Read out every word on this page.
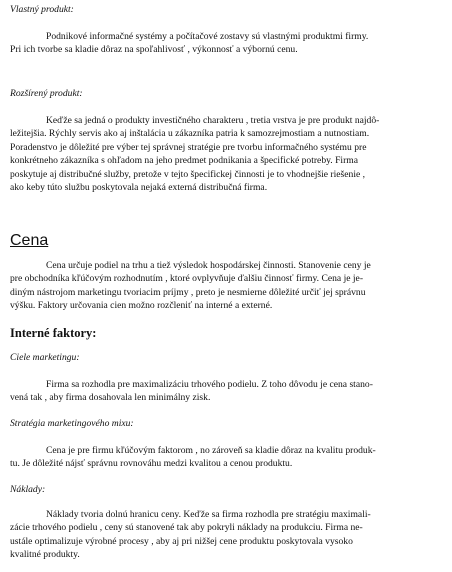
Vlastný produkt:

Podnikové informačné systémy a počítačové zostavy sú vlastnými produktmi firmy.
Pri ich tvorbe sa kladie dôraz na spoľahlivosť , výkonnosť a výbornú cenu.

Rozšírený produkt:

Keďže sa jedná o produkty investičného charakteru , tretia vrstva je pre produkt najdô-
ležitejšia. Rýchly servis ako aj inštalácia u zákazníka patria k samozrejmostiam a nutnostiam.
Poradenstvo je dôležité pre výber tej správnej stratégie pre tvorbu informačného systému pre
konkrétneho zákazníka s ohľadom na jeho predmet podnikania a špecifické potreby. Firma
poskytuje aj distribučné služby, pretože v tejto špecifickej činnosti je to vhodnejšie riešenie ,
ako keby túto službu poskytovala nejaká externá distribučná firma.

Cena

Cena určuje podiel na trhu a tiež výsledok hospodárskej činnosti. Stanovenie ceny je
pre obchodníka kľúčovým rozhodnutím , ktoré ovplyvňuje ďalšiu činnosť firmy. Cena je je-
diným nástrojom marketingu tvoriacim príjmy , preto je nesmierne dôležité určiť jej správnu
výšku. Faktory určovania cien možno rozčleniť na interné a externé.

Interné faktory:

Ciele marketingu:

Firma sa rozhodla pre maximalizáciu trhového podielu. Z toho dôvodu je cena stano-
vená tak , aby firma dosahovala len minimálny zisk.

Stratégia marketingového mixu:

Cena je pre firmu kľúčovým faktorom , no zároveň sa kladie dôraz na kvalitu produk-
tu. Je dôležité nájsť správnu rovnováhu medzi kvalitou a cenou produktu.

Náklady:

Náklady tvoria dolnú hranicu ceny. Keďže sa firma rozhodla pre stratégiu maximali-
zácie trhového podielu , ceny sú stanovené tak aby pokryli náklady na produkciu. Firma ne-
ustále optimalizuje výrobné procesy , aby aj pri nižšej cene produktu poskytovala vysoko
kvalitné produkty.
